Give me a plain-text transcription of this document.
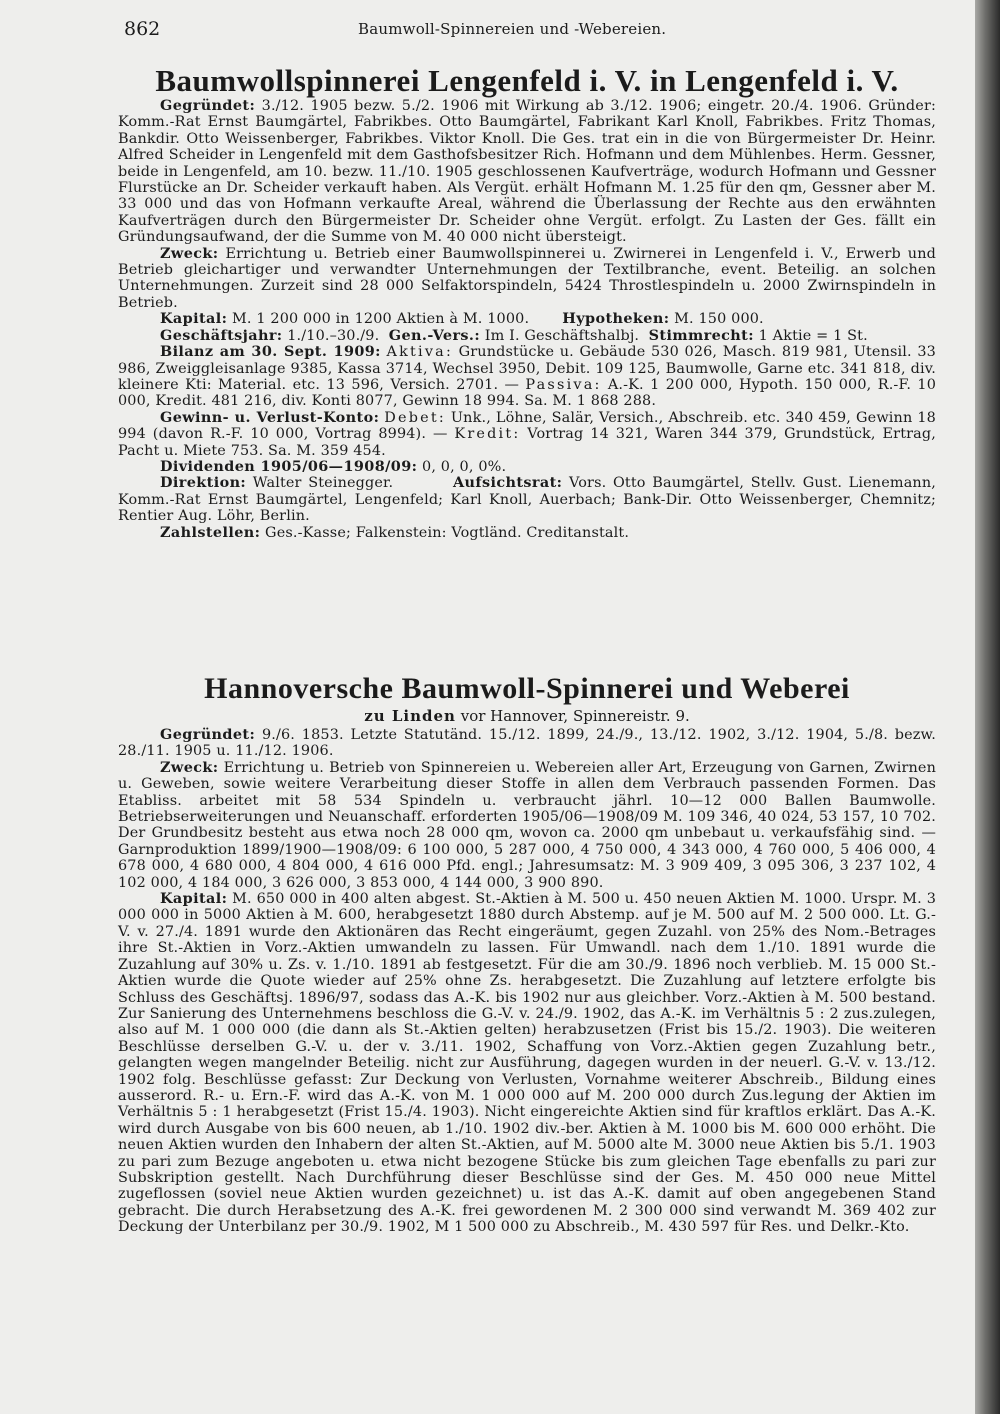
862	Baumwoll-Spinnereien und -Webereien.
Baumwollspinnerei Lengenfeld i. V. in Lengenfeld i. V.

Gegründet: 3./12. 1905 bezw. 5./2. 1906 mit Wirkung ab 3./12. 1906; eingetr. 20./4. 1906. Gründer: Komm.-Rat Ernst Baumgärtel, Fabrikbes. Otto Baumgärtel, Fabrikant Karl Knoll, Fabrikbes. Fritz Thomas, Bankdir. Otto Weissenberger, Fabrikbes. Viktor Knoll. Die Ges. trat ein in die von Bürgermeister Dr. Heinr. Alfred Scheider in Lengenfeld mit dem Gasthofsbesitzer Rich. Hofmann und dem Mühlenbes. Herm. Gessner, beide in Lengenfeld, am 10. bezw. 11./10. 1905 geschlossenen Kaufverträge, wodurch Hofmann und Gessner Flurstücke an Dr. Scheider verkauft haben. Als Vergüt. erhält Hofmann M. 1.25 für den qm, Gessner aber M. 33 000 und das von Hofmann verkaufte Areal, während die Überlassung der Rechte aus den erwähnten Kaufverträgen durch den Bürgermeister Dr. Scheider ohne Vergüt. erfolgt. Zu Lasten der Ges. fällt ein Gründungsaufwand, der die Summe von M. 40 000 nicht übersteigt.

Zweck: Errichtung u. Betrieb einer Baumwollspinnerei u. Zwirnerei in Lengenfeld i. V., Erwerb und Betrieb gleichartiger und verwandter Unternehmungen der Textilbranche, event. Beteilig. an solchen Unternehmungen. Zurzeit sind 28 000 Selfaktorspindeln, 5424 Throstlespindeln u. 2000 Zwirnspindeln in Betrieb.

Kapital: M. 1 200 000 in 1200 Aktien à M. 1000. Hypotheken: M. 150 000.

Geschäftsjahr: 1./10.–30./9. Gen.-Vers.: Im I. Geschäftshalbj. Stimmrecht: 1 Aktie = 1 St.

Bilanz am 30. Sept. 1909: Aktiva: Grundstücke u. Gebäude 530 026, Masch. 819 981, Utensil. 33 986, Zweiggleisanlage 9385, Kassa 3714, Wechsel 3950, Debit. 109 125, Baumwolle, Garne etc. 341 818, div. kleinere Kti: Material. etc. 13 596, Versich. 2701. — Passiva: A.-K. 1 200 000, Hypoth. 150 000, R.-F. 10 000, Kredit. 481 216, div. Konti 8077, Gewinn 18 994. Sa. M. 1 868 288.

Gewinn- u. Verlust-Konto: Debet: Unk., Löhne, Salär, Versich., Abschreib. etc. 340 459, Gewinn 18 994 (davon R.-F. 10 000, Vortrag 8994). — Kredit: Vortrag 14 321, Waren 344 379, Grundstück, Ertrag, Pacht u. Miete 753. Sa. M. 359 454.

Dividenden 1905/06—1908/09: 0, 0, 0, 0%.

Direktion: Walter Steinegger.	Aufsichtsrat: Vors. Otto Baumgärtel, Stellv. Gust. Lienemann, Komm.-Rat Ernst Baumgärtel, Lengenfeld; Karl Knoll, Auerbach; Bank-Dir. Otto Weissenberger, Chemnitz; Rentier Aug. Löhr, Berlin.

Zahlstellen: Ges.-Kasse; Falkenstein: Vogtländ. Creditanstalt.

Hannoversche Baumwoll-Spinnerei und Weberei

zu Linden vor Hannover, Spinnereistr. 9.

Gegründet: 9./6. 1853. Letzte Statutänd. 15./12. 1899, 24./9., 13./12. 1902, 3./12. 1904, 5./8. bezw. 28./11. 1905 u. 11./12. 1906.

Zweck: Errichtung u. Betrieb von Spinnereien u. Webereien aller Art, Erzeugung von Garnen, Zwirnen u. Geweben, sowie weitere Verarbeitung dieser Stoffe in allen dem Verbrauch passenden Formen. Das Etabliss. arbeitet mit 58 534 Spindeln u. verbraucht jährl. 10—12 000 Ballen Baumwolle. Betriebserweiterungen und Neuanschaff. erforderten 1905/06—1908/09 M. 109 346, 40 024, 53 157, 10 702. Der Grundbesitz besteht aus etwa noch 28 000 qm, wovon ca. 2000 qm unbebaut u. verkaufsfähig sind. — Garnproduktion 1899/1900—1908/09: 6 100 000, 5 287 000, 4 750 000, 4 343 000, 4 760 000, 5 406 000, 4 678 000, 4 680 000, 4 804 000, 4 616 000 Pfd. engl.; Jahresumsatz: M. 3 909 409, 3 095 306, 3 237 102, 4 102 000, 4 184 000, 3 626 000, 3 853 000, 4 144 000, 3 900 890.

Kapital: M. 650 000 in 400 alten abgest. St.-Aktien à M. 500 u. 450 neuen Aktien M. 1000. Urspr. M. 3 000 000 in 5000 Aktien à M. 600, herabgesetzt 1880 durch Abstemp. auf je M. 500 auf M. 2 500 000. Lt. G.-V. v. 27./4. 1891 wurde den Aktionären das Recht eingeräumt, gegen Zuzahl. von 25% des Nom.-Betrages ihre St.-Aktien in Vorz.-Aktien umwandeln zu lassen. Für Umwandl. nach dem 1./10. 1891 wurde die Zuzahlung auf 30% u. Zs. v. 1./10. 1891 ab festgesetzt. Für die am 30./9. 1896 noch verblieb. M. 15 000 St.-Aktien wurde die Quote wieder auf 25% ohne Zs. herabgesetzt. Die Zuzahlung auf letztere erfolgte bis Schluss des Geschäftsj. 1896/97, sodass das A.-K. bis 1902 nur aus gleichber. Vorz.-Aktien à M. 500 bestand. Zur Sanierung des Unternehmens beschloss die G.-V. v. 24./9. 1902, das A.-K. im Verhältnis 5 : 2 zus.zulegen, also auf M. 1 000 000 (die dann als St.-Aktien gelten) herabzusetzen (Frist bis 15./2. 1903). Die weiteren Beschlüsse derselben G.-V. u. der v. 3./11. 1902, Schaffung von Vorz.-Aktien gegen Zuzahlung betr., gelangten wegen mangelnder Beteilig. nicht zur Ausführung, dagegen wurden in der neuerl. G.-V. v. 13./12. 1902 folg. Beschlüsse gefasst: Zur Deckung von Verlusten, Vornahme weiterer Abschreib., Bildung eines ausserord. R.- u. Ern.-F. wird das A.-K. von M. 1 000 000 auf M. 200 000 durch Zus.legung der Aktien im Verhältnis 5 : 1 herabgesetzt (Frist 15./4. 1903). Nicht eingereichte Aktien sind für kraftlos erklärt. Das A.-K. wird durch Ausgabe von bis 600 neuen, ab 1./10. 1902 div.-ber. Aktien à M. 1000 bis M. 600 000 erhöht. Die neuen Aktien wurden den Inhabern der alten St.-Aktien, auf M. 5000 alte M. 3000 neue Aktien bis 5./1. 1903 zu pari zum Bezuge angeboten u. etwa nicht bezogene Stücke bis zum gleichen Tage ebenfalls zu pari zur Subskription gestellt. Nach Durchführung dieser Beschlüsse sind der Ges. M. 450 000 neue Mittel zugeflossen (soviel neue Aktien wurden gezeichnet) u. ist das A.-K. damit auf oben angegebenen Stand gebracht. Die durch Herabsetzung des A.-K. frei gewordenen M. 2 300 000 sind verwandt M. 369 402 zur Deckung der Unterbilanz per 30./9. 1902, M 1 500 000 zu Abschreib., M. 430 597 für Res. und Delkr.-Kto.
